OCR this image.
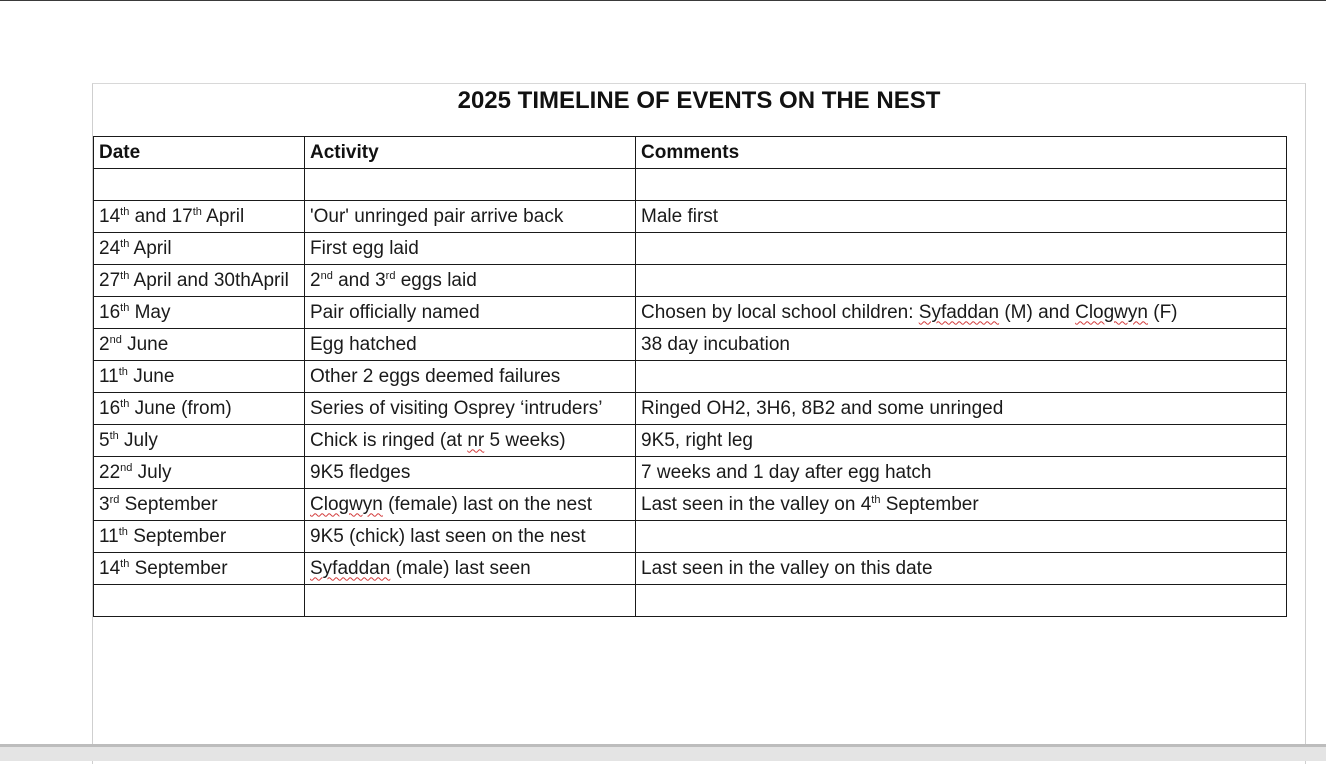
2025 TIMELINE OF EVENTS ON THE NEST
Date	Activity	Comments

14th and 17th April	'Our' unringed pair arrive back	Male first
24th April	First egg laid	
27th April and 30thApril	2nd and 3rd eggs laid	
16th May	Pair officially named	Chosen by local school children: Syfaddan (M) and Clogwyn (F)
2nd June	Egg hatched	38 day incubation
11th June	Other 2 eggs deemed failures	
16th June (from)	Series of visiting Osprey ‘intruders’	Ringed OH2, 3H6, 8B2 and some unringed
5th July	Chick is ringed (at nr 5 weeks)	9K5, right leg
22nd July	9K5 fledges	7 weeks and 1 day after egg hatch
3rd September	Clogwyn (female) last on the nest	Last seen in the valley on 4th September
11th September	9K5 (chick) last seen on the nest	
14th September	Syfaddan (male) last seen	Last seen in the valley on this date
